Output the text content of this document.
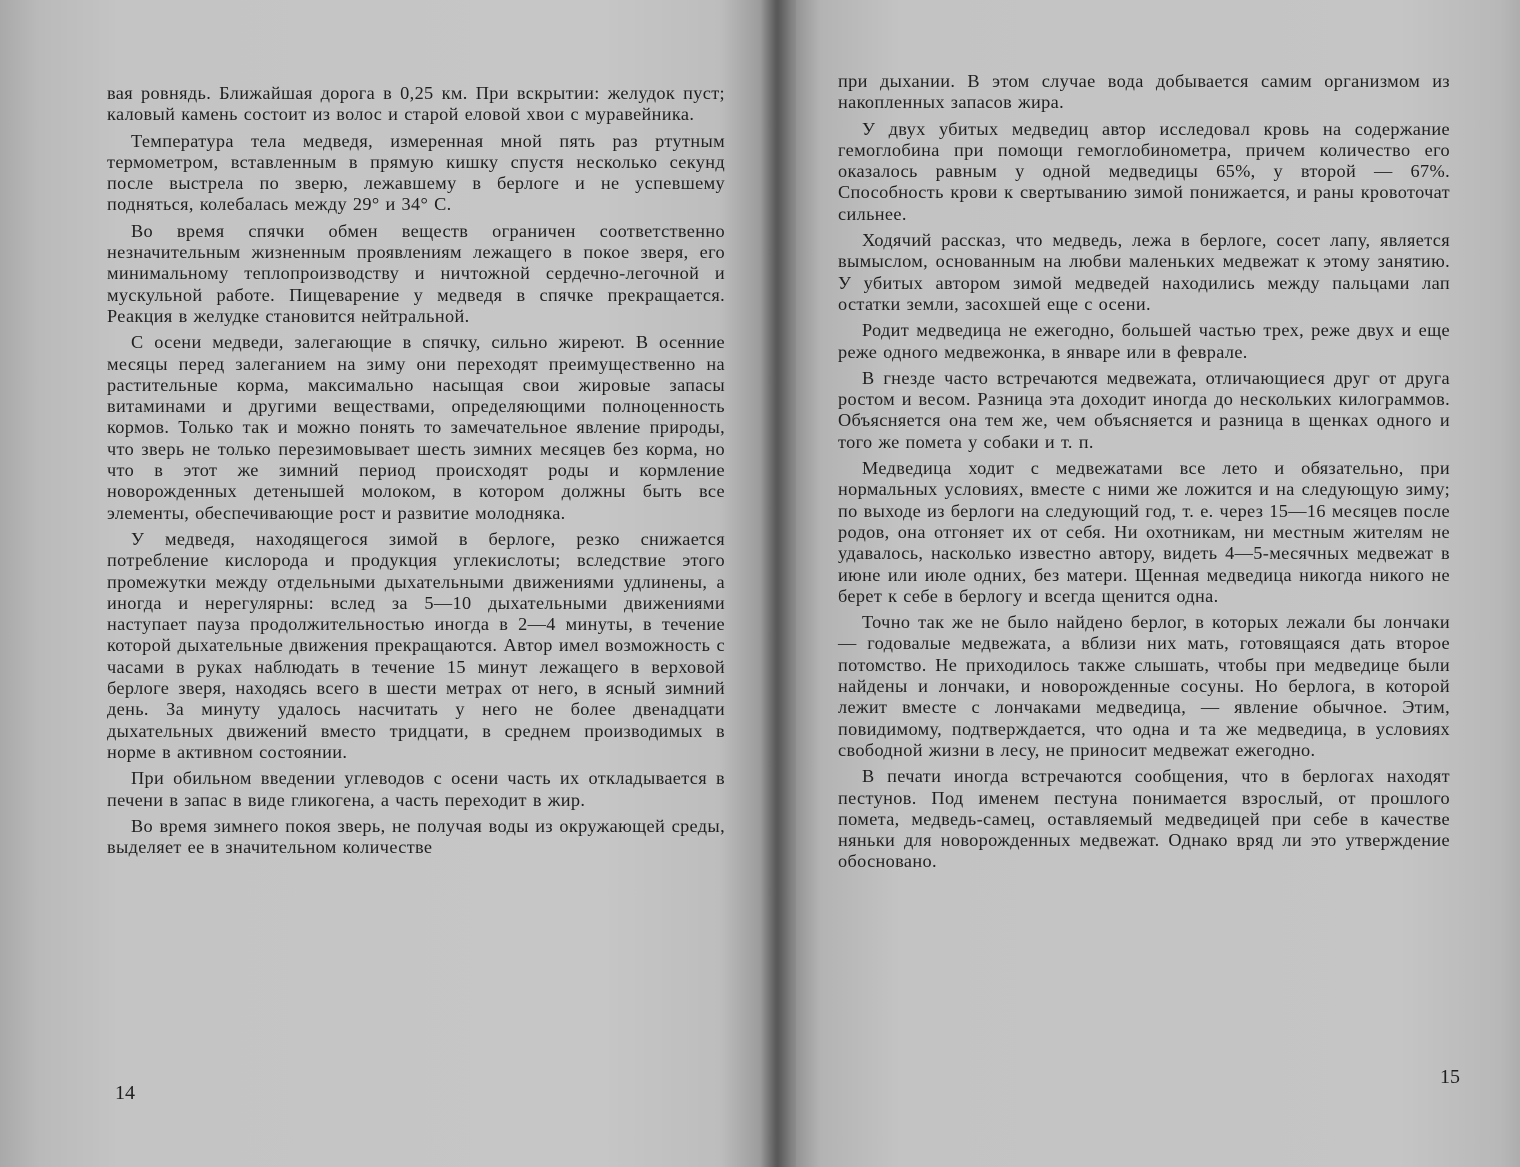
вая ровнядь. Ближайшая дорога в 0,25 км. При вскрытии: желудок пуст; каловый камень состоит из волос и старой еловой хвои с муравейника.

Температура тела медведя, измеренная мной пять раз ртутным термометром, вставленным в прямую кишку спустя несколько секунд после выстрела по зверю, лежавшему в берлоге и не успевшему подняться, колебалась между 29° и 34° С.

Во время спячки обмен веществ ограничен соответственно незначительным жизненным проявлениям лежащего в покое зверя, его минимальному теплопроизводству и ничтожной сердечно-легочной и мускульной работе. Пищеварение у медведя в спячке прекращается. Реакция в желудке становится нейтральной.

С осени медведи, залегающие в спячку, сильно жиреют. В осенние месяцы перед залеганием на зиму они переходят преимущественно на растительные корма, максимально насыщая свои жировые запасы витаминами и другими веществами, определяющими полноценность кормов. Только так и можно понять то замечательное явление природы, что зверь не только перезимовывает шесть зимних месяцев без корма, но что в этот же зимний период происходят роды и кормление новорожденных детенышей молоком, в котором должны быть все элементы, обеспечивающие рост и развитие молодняка.

У медведя, находящегося зимой в берлоге, резко снижается потребление кислорода и продукция углекислоты; вследствие этого промежутки между отдельными дыхательными движениями удлинены, а иногда и нерегулярны: вслед за 5—10 дыхательными движениями наступает пауза продолжительностью иногда в 2—4 минуты, в течение которой дыхательные движения прекращаются. Автор имел возможность с часами в руках наблюдать в течение 15 минут лежащего в верховой берлоге зверя, находясь всего в шести метрах от него, в ясный зимний день. За минуту удалось насчитать у него не более двенадцати дыхательных движений вместо тридцати, в среднем производимых в норме в активном состоянии.

При обильном введении углеводов с осени часть их откладывается в печени в запас в виде гликогена, а часть переходит в жир.

Во время зимнего покоя зверь, не получая воды из окружающей среды, выделяет ее в значительном количестве

14

при дыхании. В этом случае вода добывается самим организмом из накопленных запасов жира.

У двух убитых медведиц автор исследовал кровь на содержание гемоглобина при помощи гемоглобинометра, причем количество его оказалось равным у одной медведицы 65%, у второй — 67%. Способность крови к свертыванию зимой понижается, и раны кровоточат сильнее.

Ходячий рассказ, что медведь, лежа в берлоге, сосет лапу, является вымыслом, основанным на любви маленьких медвежат к этому занятию. У убитых автором зимой медведей находились между пальцами лап остатки земли, засохшей еще с осени.

Родит медведица не ежегодно, большей частью трех, реже двух и еще реже одного медвежонка, в январе или в феврале.

В гнезде часто встречаются медвежата, отличающиеся друг от друга ростом и весом. Разница эта доходит иногда до нескольких килограммов. Объясняется она тем же, чем объясняется и разница в щенках одного и того же помета у собаки и т. п.

Медведица ходит с медвежатами все лето и обязательно, при нормальных условиях, вместе с ними же ложится и на следующую зиму; по выходе из берлоги на следующий год, т. е. через 15—16 месяцев после родов, она отгоняет их от себя. Ни охотникам, ни местным жителям не удавалось, насколько известно автору, видеть 4—5-месячных медвежат в июне или июле одних, без матери. Щенная медведица никогда никого не берет к себе в берлогу и всегда щенится одна.

Точно так же не было найдено берлог, в которых лежали бы лончаки — годовалые медвежата, а вблизи них мать, готовящаяся дать второе потомство. Не приходилось также слышать, чтобы при медведице были найдены и лончаки, и новорожденные сосуны. Но берлога, в которой лежит вместе с лончаками медведица, — явление обычное. Этим, повидимому, подтверждается, что одна и та же медведица, в условиях свободной жизни в лесу, не приносит медвежат ежегодно.

В печати иногда встречаются сообщения, что в берлогах находят пестунов. Под именем пестуна понимается взрослый, от прошлого помета, медведь-самец, оставляемый медведицей при себе в качестве няньки для новорожденных медвежат. Однако вряд ли это утверждение обосновано.

15
